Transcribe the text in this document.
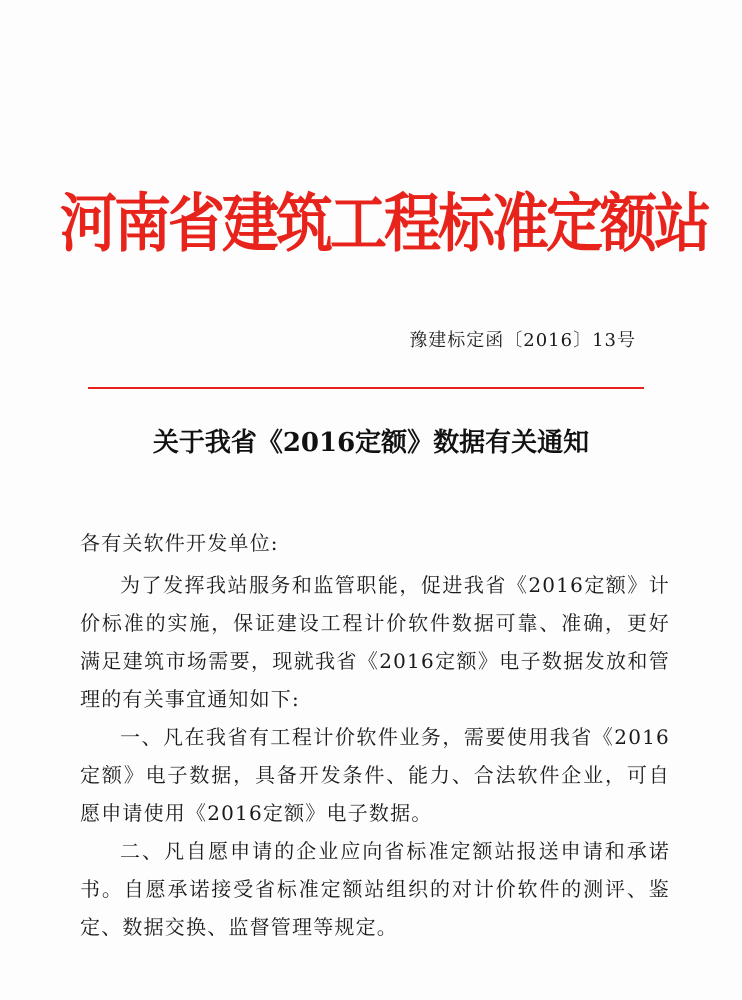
河南省建筑工程标准定额站
豫建标定函〔2016〕13号
关于我省《2016定额》数据有关通知

各有关软件开发单位:

为了发挥我站服务和监管职能，促进我省《2016定额》计价标准的实施，保证建设工程计价软件数据可靠、准确，更好满足建筑市场需要，现就我省《2016定额》电子数据发放和管理的有关事宜通知如下:

一、凡在我省有工程计价软件业务，需要使用我省《2016定额》电子数据，具备开发条件、能力、合法软件企业，可自愿申请使用《2016定额》电子数据。

二、凡自愿申请的企业应向省标准定额站报送申请和承诺书。自愿承诺接受省标准定额站组织的对计价软件的测评、鉴定、数据交换、监督管理等规定。
